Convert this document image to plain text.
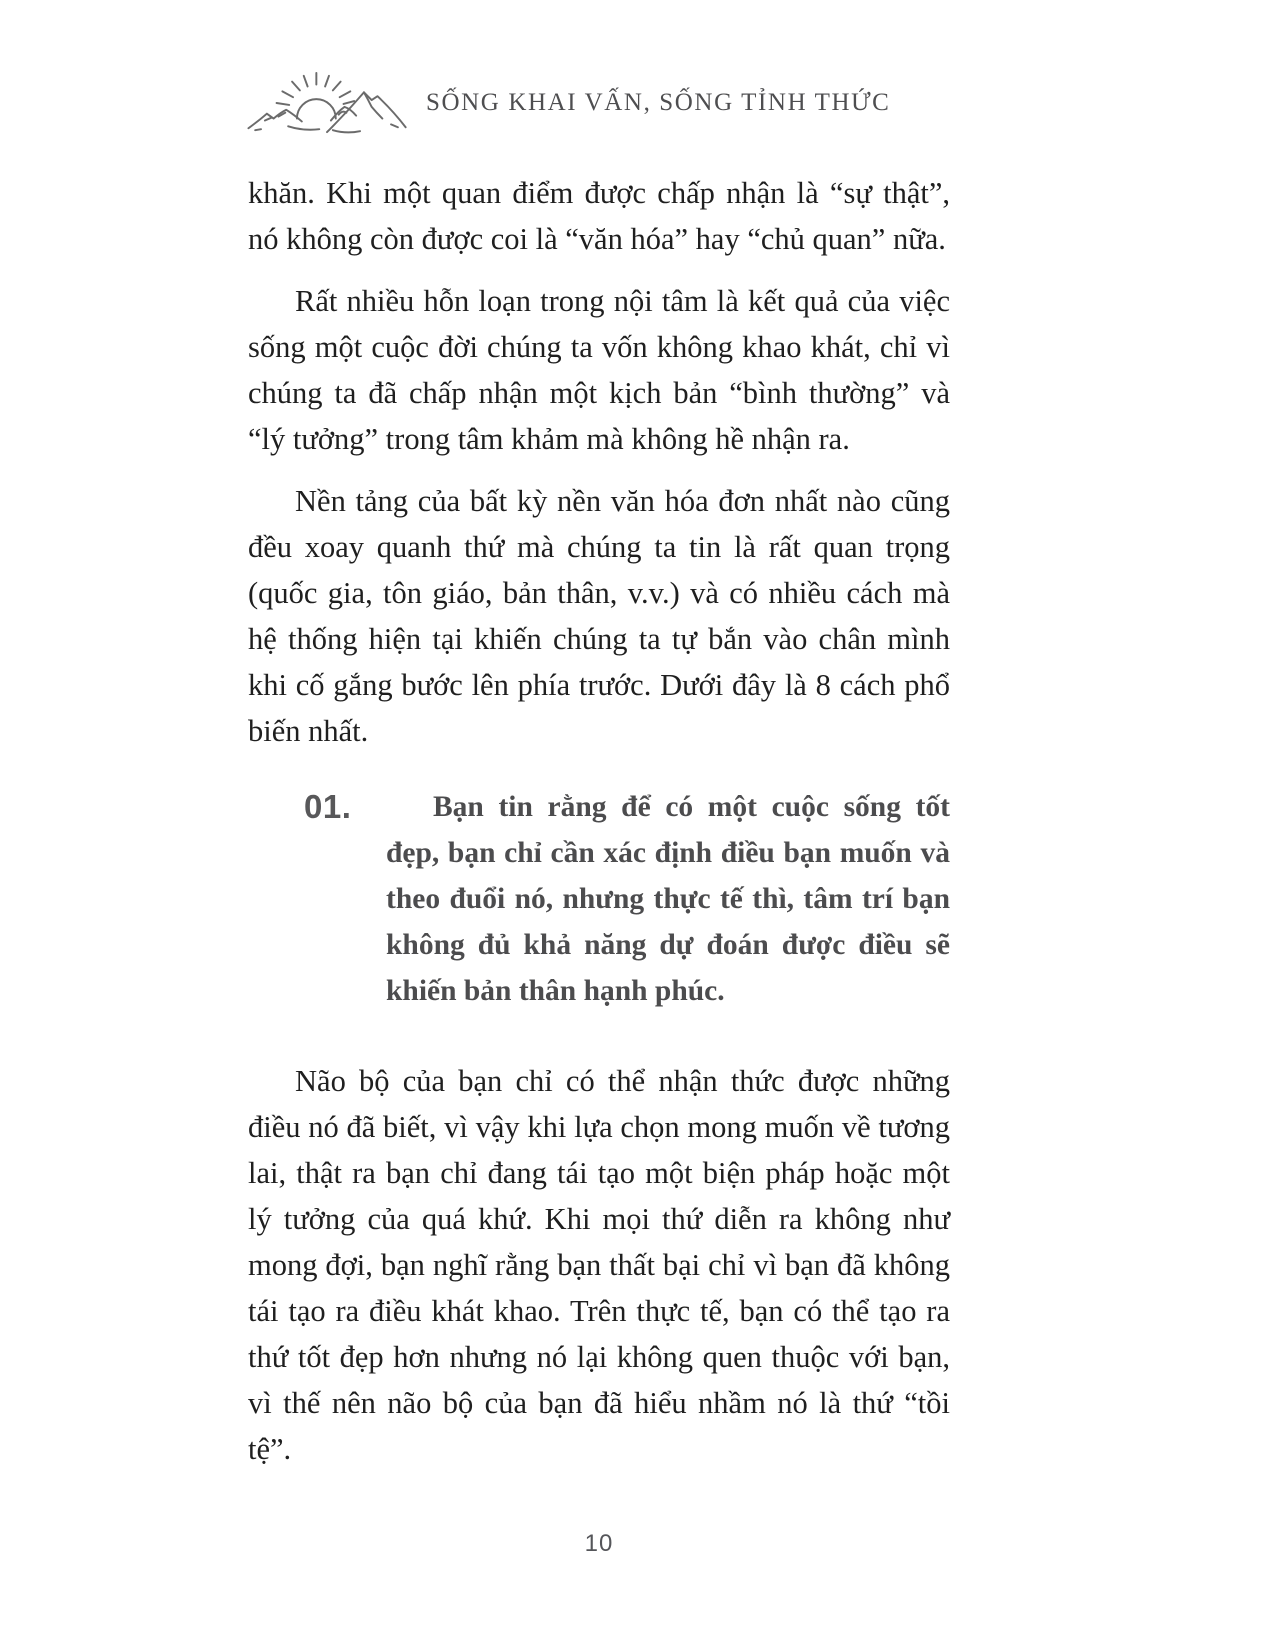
SỐNG KHAI VẤN, SỐNG TỈNH THỨC

khăn. Khi một quan điểm được chấp nhận là “sự thật”, nó không còn được coi là “văn hóa” hay “chủ quan” nữa.

Rất nhiều hỗn loạn trong nội tâm là kết quả của việc sống một cuộc đời chúng ta vốn không khao khát, chỉ vì chúng ta đã chấp nhận một kịch bản “bình thường” và “lý tưởng” trong tâm khảm mà không hề nhận ra.

Nền tảng của bất kỳ nền văn hóa đơn nhất nào cũng đều xoay quanh thứ mà chúng ta tin là rất quan trọng (quốc gia, tôn giáo, bản thân, v.v.) và có nhiều cách mà hệ thống hiện tại khiến chúng ta tự bắn vào chân mình khi cố gắng bước lên phía trước. Dưới đây là 8 cách phổ biến nhất.

01.	Bạn tin rằng để có một cuộc sống tốt đẹp, bạn chỉ cần xác định điều bạn muốn và theo đuổi nó, nhưng thực tế thì, tâm trí bạn không đủ khả năng dự đoán được điều sẽ khiến bản thân hạnh phúc.

Não bộ của bạn chỉ có thể nhận thức được những điều nó đã biết, vì vậy khi lựa chọn mong muốn về tương lai, thật ra bạn chỉ đang tái tạo một biện pháp hoặc một lý tưởng của quá khứ. Khi mọi thứ diễn ra không như mong đợi, bạn nghĩ rằng bạn thất bại chỉ vì bạn đã không tái tạo ra điều khát khao. Trên thực tế, bạn có thể tạo ra thứ tốt đẹp hơn nhưng nó lại không quen thuộc với bạn, vì thế nên não bộ của bạn đã hiểu nhầm nó là thứ “tồi tệ”.

10
